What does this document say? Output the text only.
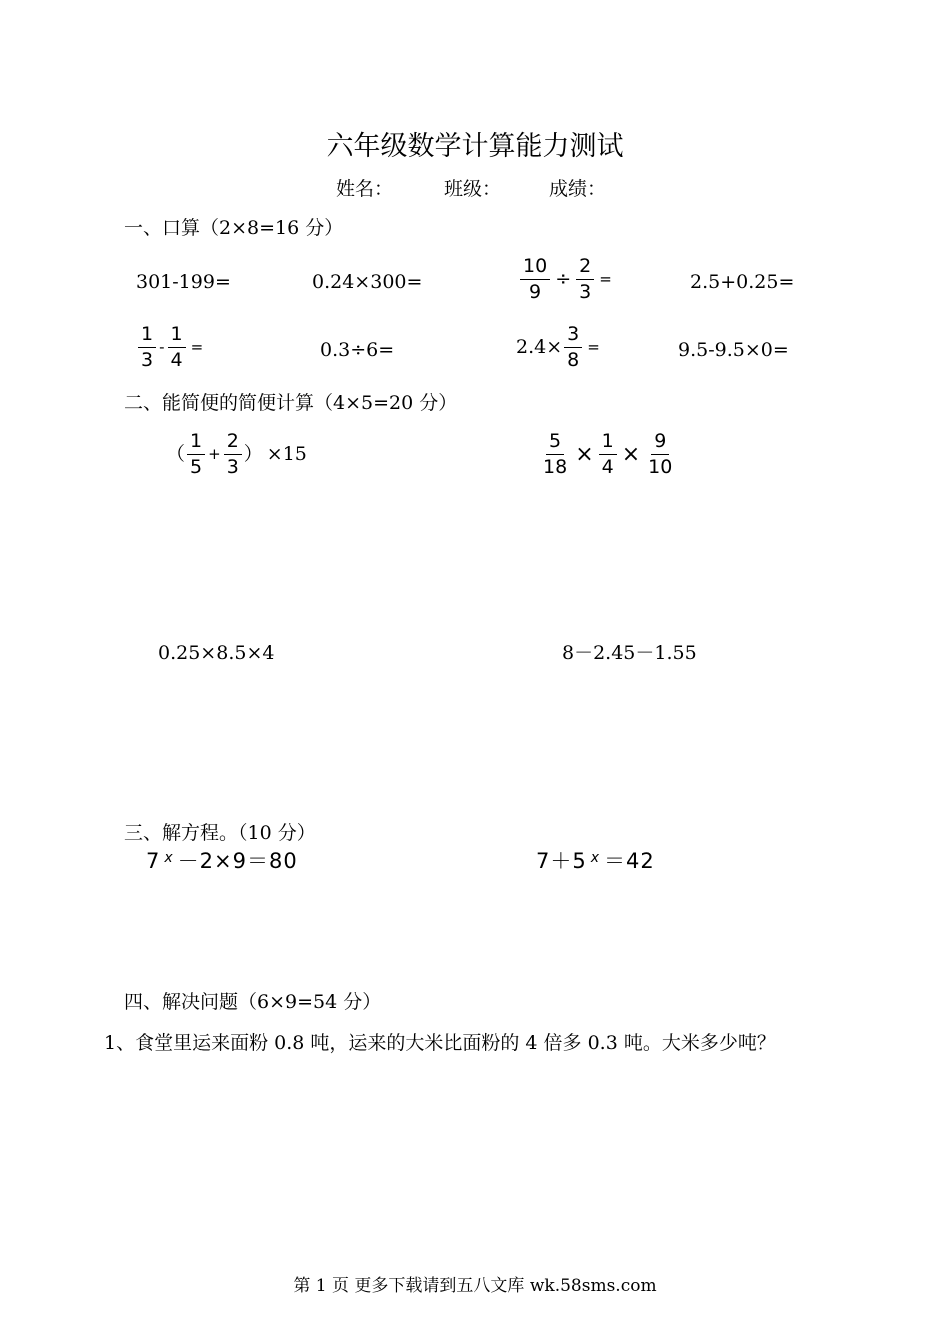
六年级数学计算能力测试
姓名：	班级：	成绩：
一、口算（2×8=16 分）
301-199=	0.24×300=	$\frac{10}{9} \div \frac{2}{3}$ =	2.5+0.25=
$\frac{1}{3} - \frac{1}{4}$ =	0.3÷6=	$2.4\times \frac{3}{8}$ =	9.5-9.5×0=
二、能简便的简便计算（4×5=20 分）
（ $\frac{1}{5} + \frac{2}{3}$ ） ×15	$\frac{5}{18} \times \frac{1}{4} \times \frac{9}{10}$
0.25×8.5×4	8－2.45－1.55
三、解方程。（10 分）
7 $^x$ －2×9＝80	7＋5 $^x$ ＝42
四、解决问题（6×9=54 分）
1、食堂里运来面粉 0.8 吨，运来的大米比面粉的 4 倍多 0.3 吨。大米多少吨？
第 1 页 更多下载请到五八文库 wk.58sms.com
